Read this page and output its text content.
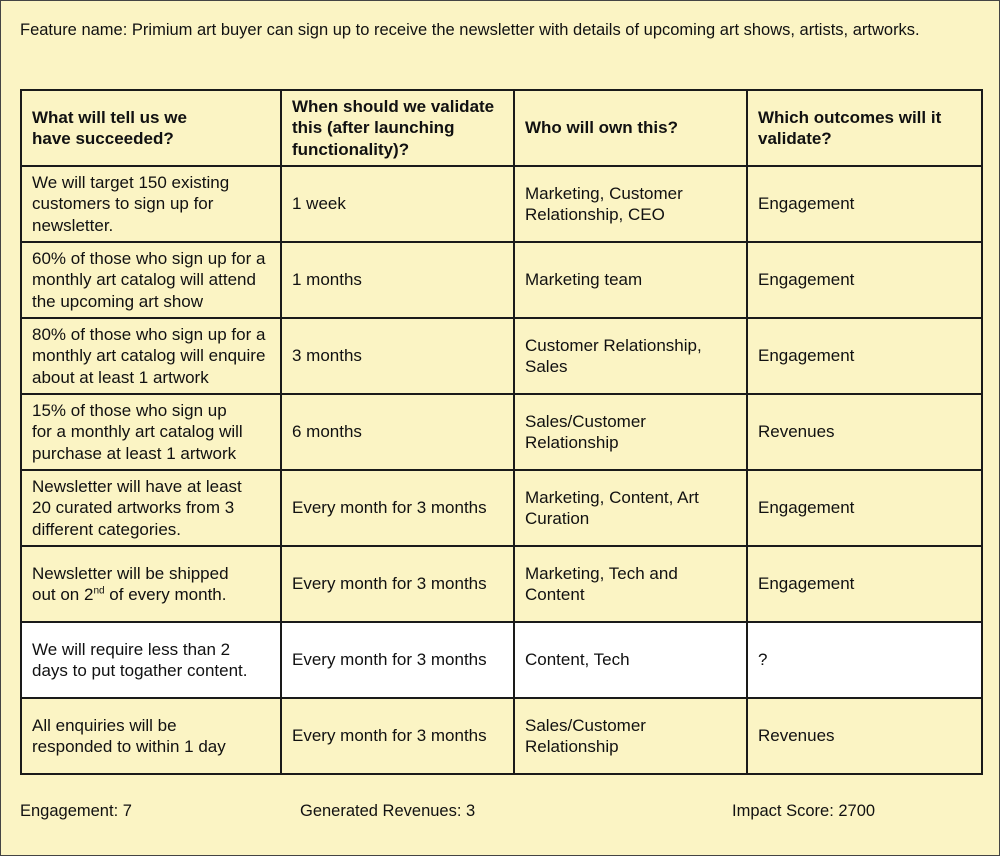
Feature name: Primium art buyer can sign up to receive the newsletter with details of upcoming art shows, artists, artworks.
What will tell us we have succeeded?	When should we validate this (after launching functionality)?	Who will own this?	Which outcomes will it validate?
We will target 150 existing customers to sign up for newsletter.	1 week	Marketing, Customer Relationship, CEO	Engagement
60% of those who sign up for a monthly art catalog will attend the upcoming art show	1 months	Marketing team	Engagement
80% of those who sign up for a monthly art catalog will enquire about at least 1 artwork	3 months	Customer Relationship, Sales	Engagement
15% of those who sign up for a monthly art catalog will purchase at least 1 artwork	6 months	Sales/Customer Relationship	Revenues
Newsletter will have at least 20 curated artworks from 3 different categories.	Every month for 3 months	Marketing, Content, Art Curation	Engagement
Newsletter will be shipped out on 2nd of every month.	Every month for 3 months	Marketing, Tech and Content	Engagement
We will require less than 2 days to put togather content.	Every month for 3 months	Content, Tech	?
All enquiries will be responded to within 1 day	Every month for 3 months	Sales/Customer Relationship	Revenues
Engagement: 7	Generated Revenues: 3	Impact Score: 2700
